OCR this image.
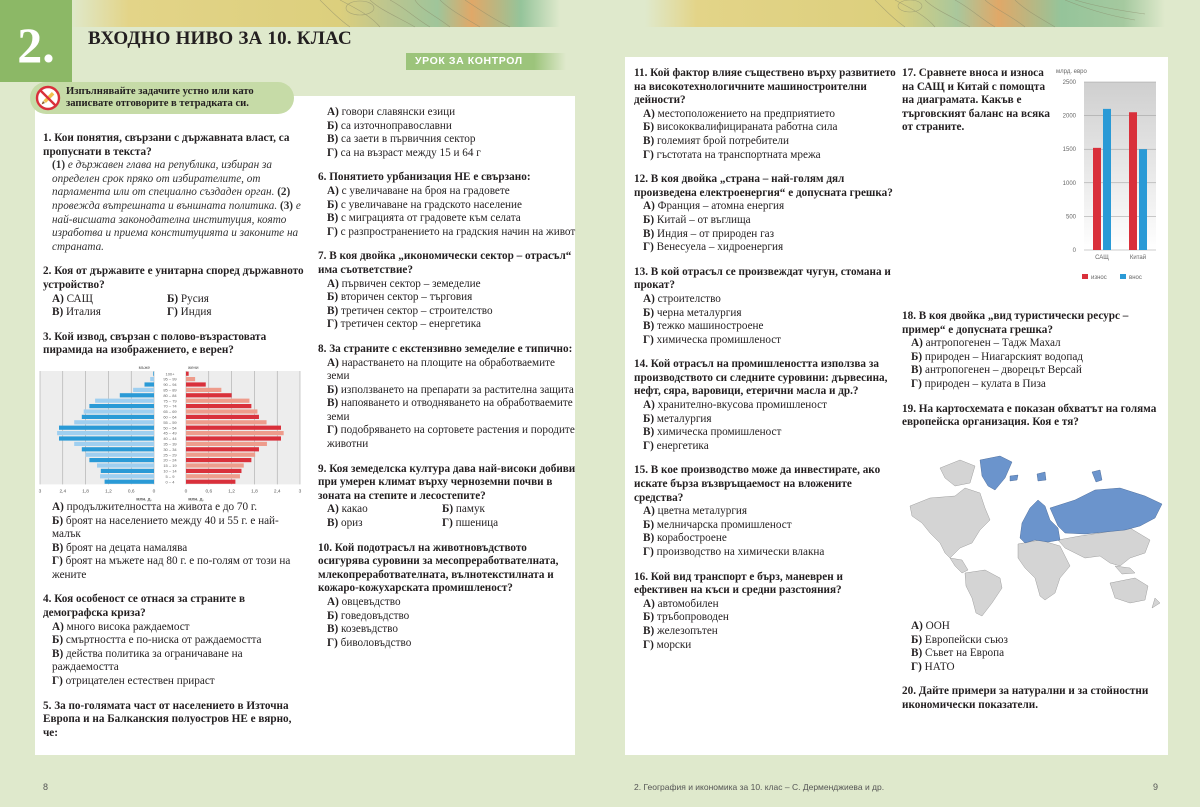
2.	ВХОДНО НИВО ЗА 10. КЛАС
УРОК ЗА КОНТРОЛ
Изпълнявайте задачите устно или като
записвате отговорите в тетрадката си.
1. Кои понятия, свързани с държавната власт, са пропуснати в текста?
(1) е държавен глава на република, избиран за определен срок пряко от избирателите, от парламента или от специално създаден орган. (2) провежда вътрешната и външната политика. (3) е най-висшата законодателна институция, която изработва и приема конституцията и законите на страната.
2. Коя от държавите е унитарна според държавното устройство?
А) САЩ	Б) Русия
В) Италия	Г) Индия
3. Кой извод, свързан с полово-възрастовата пирамида на изображението, е верен?
3	0
2,4	0,6
1,8	1,2
1,2	1,8
0,6	2,4
0	3
мъже	жени
млн. д.	млн. д.
100+
95 – 99
90 – 94
85 – 89
80 – 84
75 – 79
70 – 74
65 – 69
60 – 64
55 – 59
50 – 54
45 – 49
40 – 44
35 – 39
30 – 34
25 – 29
20 – 24
15 – 19
10 – 14
5 – 9
0 – 4
А) продължителността на живота е до 70 г.
Б) броят на населението между 40 и 55 г. е най-малък
В) броят на децата намалява
Г) броят на мъжете над 80 г. е по-голям от този на жените
4. Коя особеност се отнася за страните в демографска криза?
А) много висока раждаемост
Б) смъртността е по-ниска от раждаемостта
В) действа политика за ограничаване на раждаемостта
Г) отрицателен естествен прираст
5. За по-голямата част от населението в Източна Европа и на Балканския полуостров НЕ е вярно, че:
А) говори славянски езици
Б) са източноправославни
В) са заети в първичния сектор
Г) са на възраст между 15 и 64 г
6. Понятието урбанизация НЕ е свързано:
А) с увеличаване на броя на градовете
Б) с увеличаване на градското население
В) с миграцията от градовете към селата
Г) с разпространението на градския начин на живот
7. В коя двойка „икономически сектор – отрасъл“ има съответствие?
А) първичен сектор – земеделие
Б) вторичен сектор – търговия
В) третичен сектор – строителство
Г) третичен сектор – енергетика
8. За страните с екстензивно земеделие е типично:
А) нарастването на площите на обработваемите земи
Б) използването на препарати за растителна защита
В) напояването и отводняването на обработваемите земи
Г) подобряването на сортовете растения и породите животни
9. Коя земеделска култура дава най-високи добиви при умерен климат върху черноземни почви в зоната на степите и лесостепите?
А) какао	Б) памук
В) ориз	Г) пшеница
10. Кой подотрасъл на животновъдството осигурява суровини за месопреработвателната, млекопреработвателната, вълнотекстилната и кожаро-кожухарската промишленост?
А) овцевъдство
Б) говедовъдство
В) козевъдство
Г) биволовъдство
11. Кой фактор влияе съществено върху развитието на високотехнологичните машиностроителни дейности?
А) местоположението на предприятието
Б) висококвалифицираната работна сила
В) големият брой потребители
Г) гъстотата на транспортната мрежа
12. В коя двойка „страна – най-голям дял произведена електроенергия“ е допусната грешка?
А) Франция – атомна енергия
Б) Китай – от въглища
В) Индия – от природен газ
Г) Венесуела – хидроенергия
13. В кой отрасъл се произвеждат чугун, стомана и прокат?
А) строителство
Б) черна металургия
В) тежко машиностроене
Г) химическа промишленост
14. Кой отрасъл на промишлеността използва за производството си следните суровини: дървесина, нефт, сяра, варовици, етерични масла и др.?
А) хранително-вкусова промишленост
Б) металургия
В) химическа промишленост
Г) енергетика
15. В кое производство може да инвестирате, ако искате бърза възвръщаемост на вложените средства?
А) цветна металургия
Б) мелничарска промишленост
В) корабостроене
Г) производство на химически влакна
16. Кой вид транспорт е бърз, маневрен и ефективен на къси и средни разстояния?
А) автомобилен
Б) тръбопроводен
В) железопътен
Г) морски
17. Сравнете вноса и износа на САЩ и Китай с помощта на диаграмата. Какъв е търговският баланс на всяка от страните.
млрд. евро
0
500
1000
1500
2000
2500
САЩ	Китай
износ	внос
18. В коя двойка „вид туристически ресурс – пример“ е допусната грешка?
А) антропогенен – Тадж Махал
Б) природен – Ниагарският водопад
В) антропогенен – дворецът Версай
Г) природен – кулата в Пиза
19. На картосхемата е показан обхватът на голяма европейска организация. Коя е тя?
А) ООН
Б) Европейски съюз
В) Съвет на Европа
Г) НАТО
20. Дайте примери за натурални и за стойностни икономически показатели.
8	2. География и икономика за 10. клас – С. Дерменджиева и др.	9
